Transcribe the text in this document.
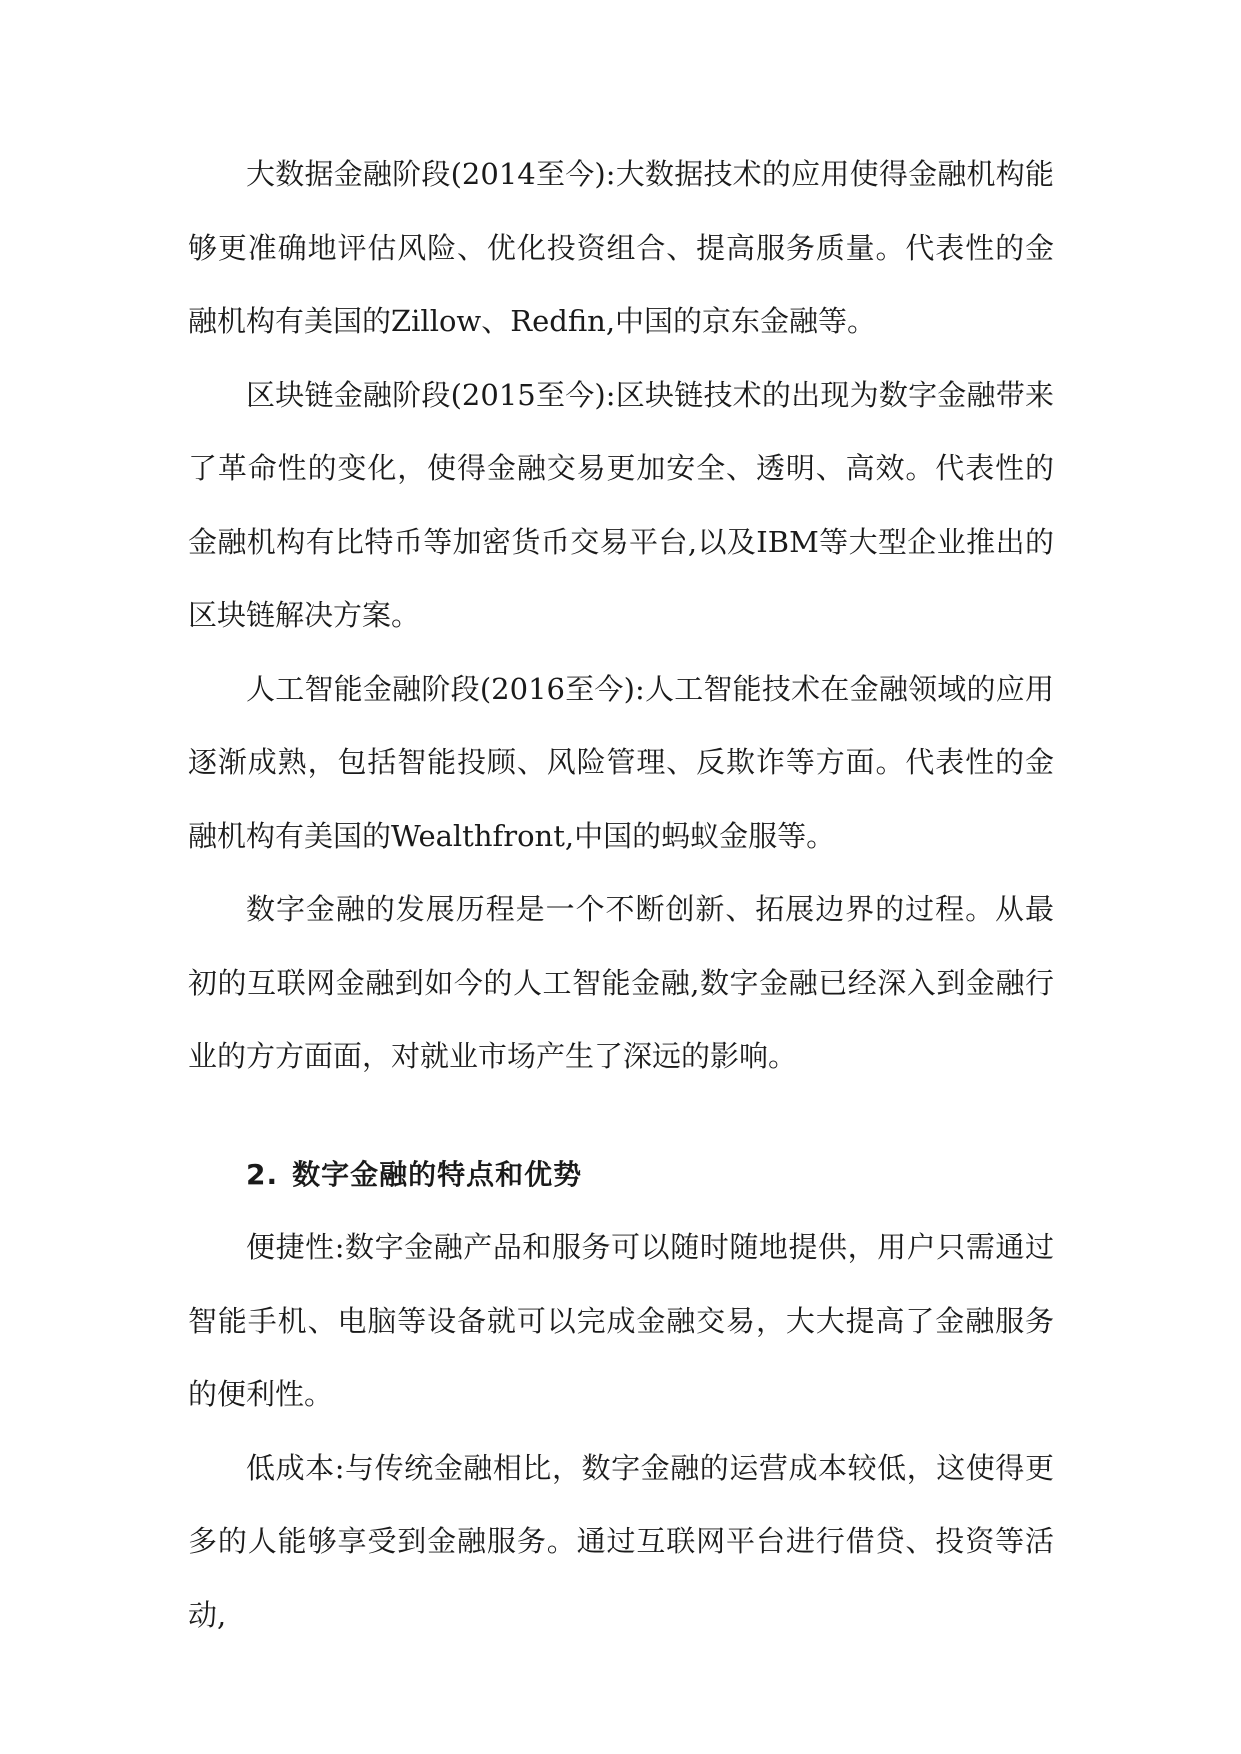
大数据金融阶段(2014至今):大数据技术的应用使得金融机构能够更准确地评估风险、优化投资组合、提高服务质量。代表性的金融机构有美国的Zillow、Redfin,中国的京东金融等。

区块链金融阶段(2015至今):区块链技术的出现为数字金融带来了革命性的变化，使得金融交易更加安全、透明、高效。代表性的金融机构有比特币等加密货币交易平台,以及IBM等大型企业推出的区块链解决方案。

人工智能金融阶段(2016至今):人工智能技术在金融领域的应用逐渐成熟，包括智能投顾、风险管理、反欺诈等方面。代表性的金融机构有美国的Wealthfront,中国的蚂蚁金服等。

数字金融的发展历程是一个不断创新、拓展边界的过程。从最初的互联网金融到如今的人工智能金融,数字金融已经深入到金融行业的方方面面，对就业市场产生了深远的影响。

2. 数字金融的特点和优势

便捷性:数字金融产品和服务可以随时随地提供，用户只需通过智能手机、电脑等设备就可以完成金融交易，大大提高了金融服务的便利性。

低成本:与传统金融相比，数字金融的运营成本较低，这使得更多的人能够享受到金融服务。通过互联网平台进行借贷、投资等活动,
